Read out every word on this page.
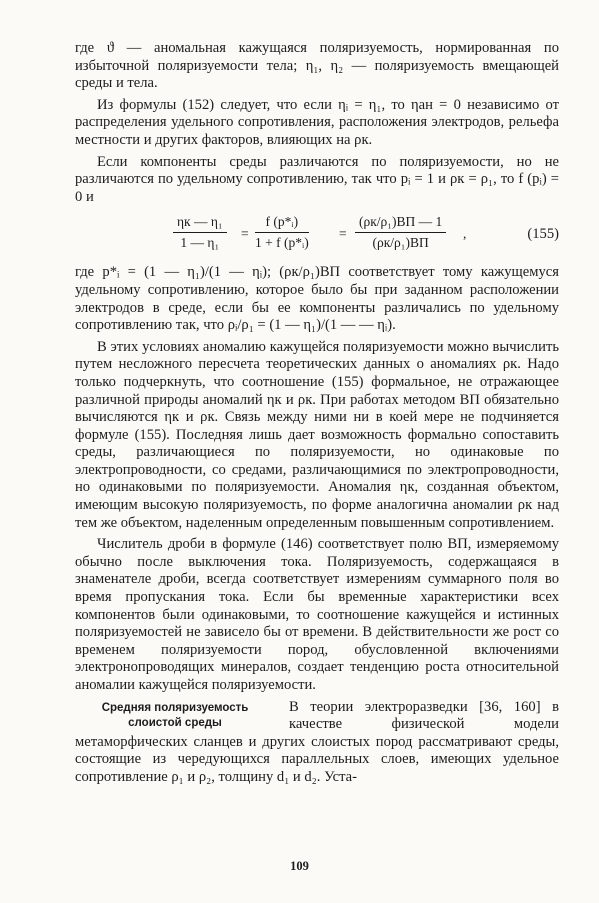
где ϑ — аномальная кажущаяся поляризуемость, нормированная по избыточной поляризуемости тела; η₁, η₂ — поляризуемость вмещающей среды и тела.

Из формулы (152) следует, что если ηᵢ = η₁, то ηан = 0 независимо от распределения удельного сопротивления, расположения электродов, рельефа местности и других факторов, влияющих на ρк.

Если компоненты среды различаются по поляризуемости, но не различаются по удельному сопротивлению, так что pᵢ = 1 и ρк = ρ₁, то f (pᵢ) = 0 и

ηк — η₁
1 — η₁
= $\frac{\text{f (p*ᵢ)}}{\text{1 + f (p*ᵢ)}}$ =
(ρк/ρ₁)ВП — 1
(ρк/ρ₁)ВП
,	(155)

где p*ᵢ = (1 — η₁)/(1 — ηᵢ); (ρк/ρ₁)ВП соответствует тому кажущемуся удельному сопротивлению, которое было бы при заданном расположении электродов в среде, если бы ее компоненты различались по удельному сопротивлению так, что ρᵢ/ρ₁ = (1 — η₁)/(1 — — ηᵢ).

В этих условиях аномалию кажущейся поляризуемости можно вычислить путем несложного пересчета теоретических данных о аномалиях ρк. Надо только подчеркнуть, что соотношение (155) формальное, не отражающее различной природы аномалий ηк и ρк. При работах методом ВП обязательно вычисляются ηк и ρк. Связь между ними ни в коей мере не подчиняется формуле (155). Последняя лишь дает возможность формально сопоставить среды, различающиеся по поляризуемости, но одинаковые по электропроводности, со средами, различающимися по электропроводности, но одинаковыми по поляризуемости. Аномалия ηк, созданная объектом, имеющим высокую поляризуемость, по форме аналогична аномалии ρк над тем же объектом, наделенным определенным повышенным сопротивлением.

Числитель дроби в формуле (146) соответствует полю ВП, измеряемому обычно после выключения тока. Поляризуемость, содержащаяся в знаменателе дроби, всегда соответствует измерениям суммарного поля во время пропускания тока. Если бы временные характеристики всех компонентов были одинаковыми, то соотношение кажущейся и истинных поляризуемостей не зависело бы от времени. В действительности же рост со временем поляризуемости пород, обусловленной включениями электронопроводящих минералов, создает тенденцию роста относительной аномалии кажущейся поляризуемости.

Средняя поляризуемость
слоистой среды

В теории электроразведки [36, 160] в качестве физической модели метаморфических сланцев и других слоистых пород рассматривают среды, состоящие из чередующихся параллельных слоев, имеющих удельное сопротивление ρ₁ и ρ₂, толщину d₁ и d₂. Уста-

109
